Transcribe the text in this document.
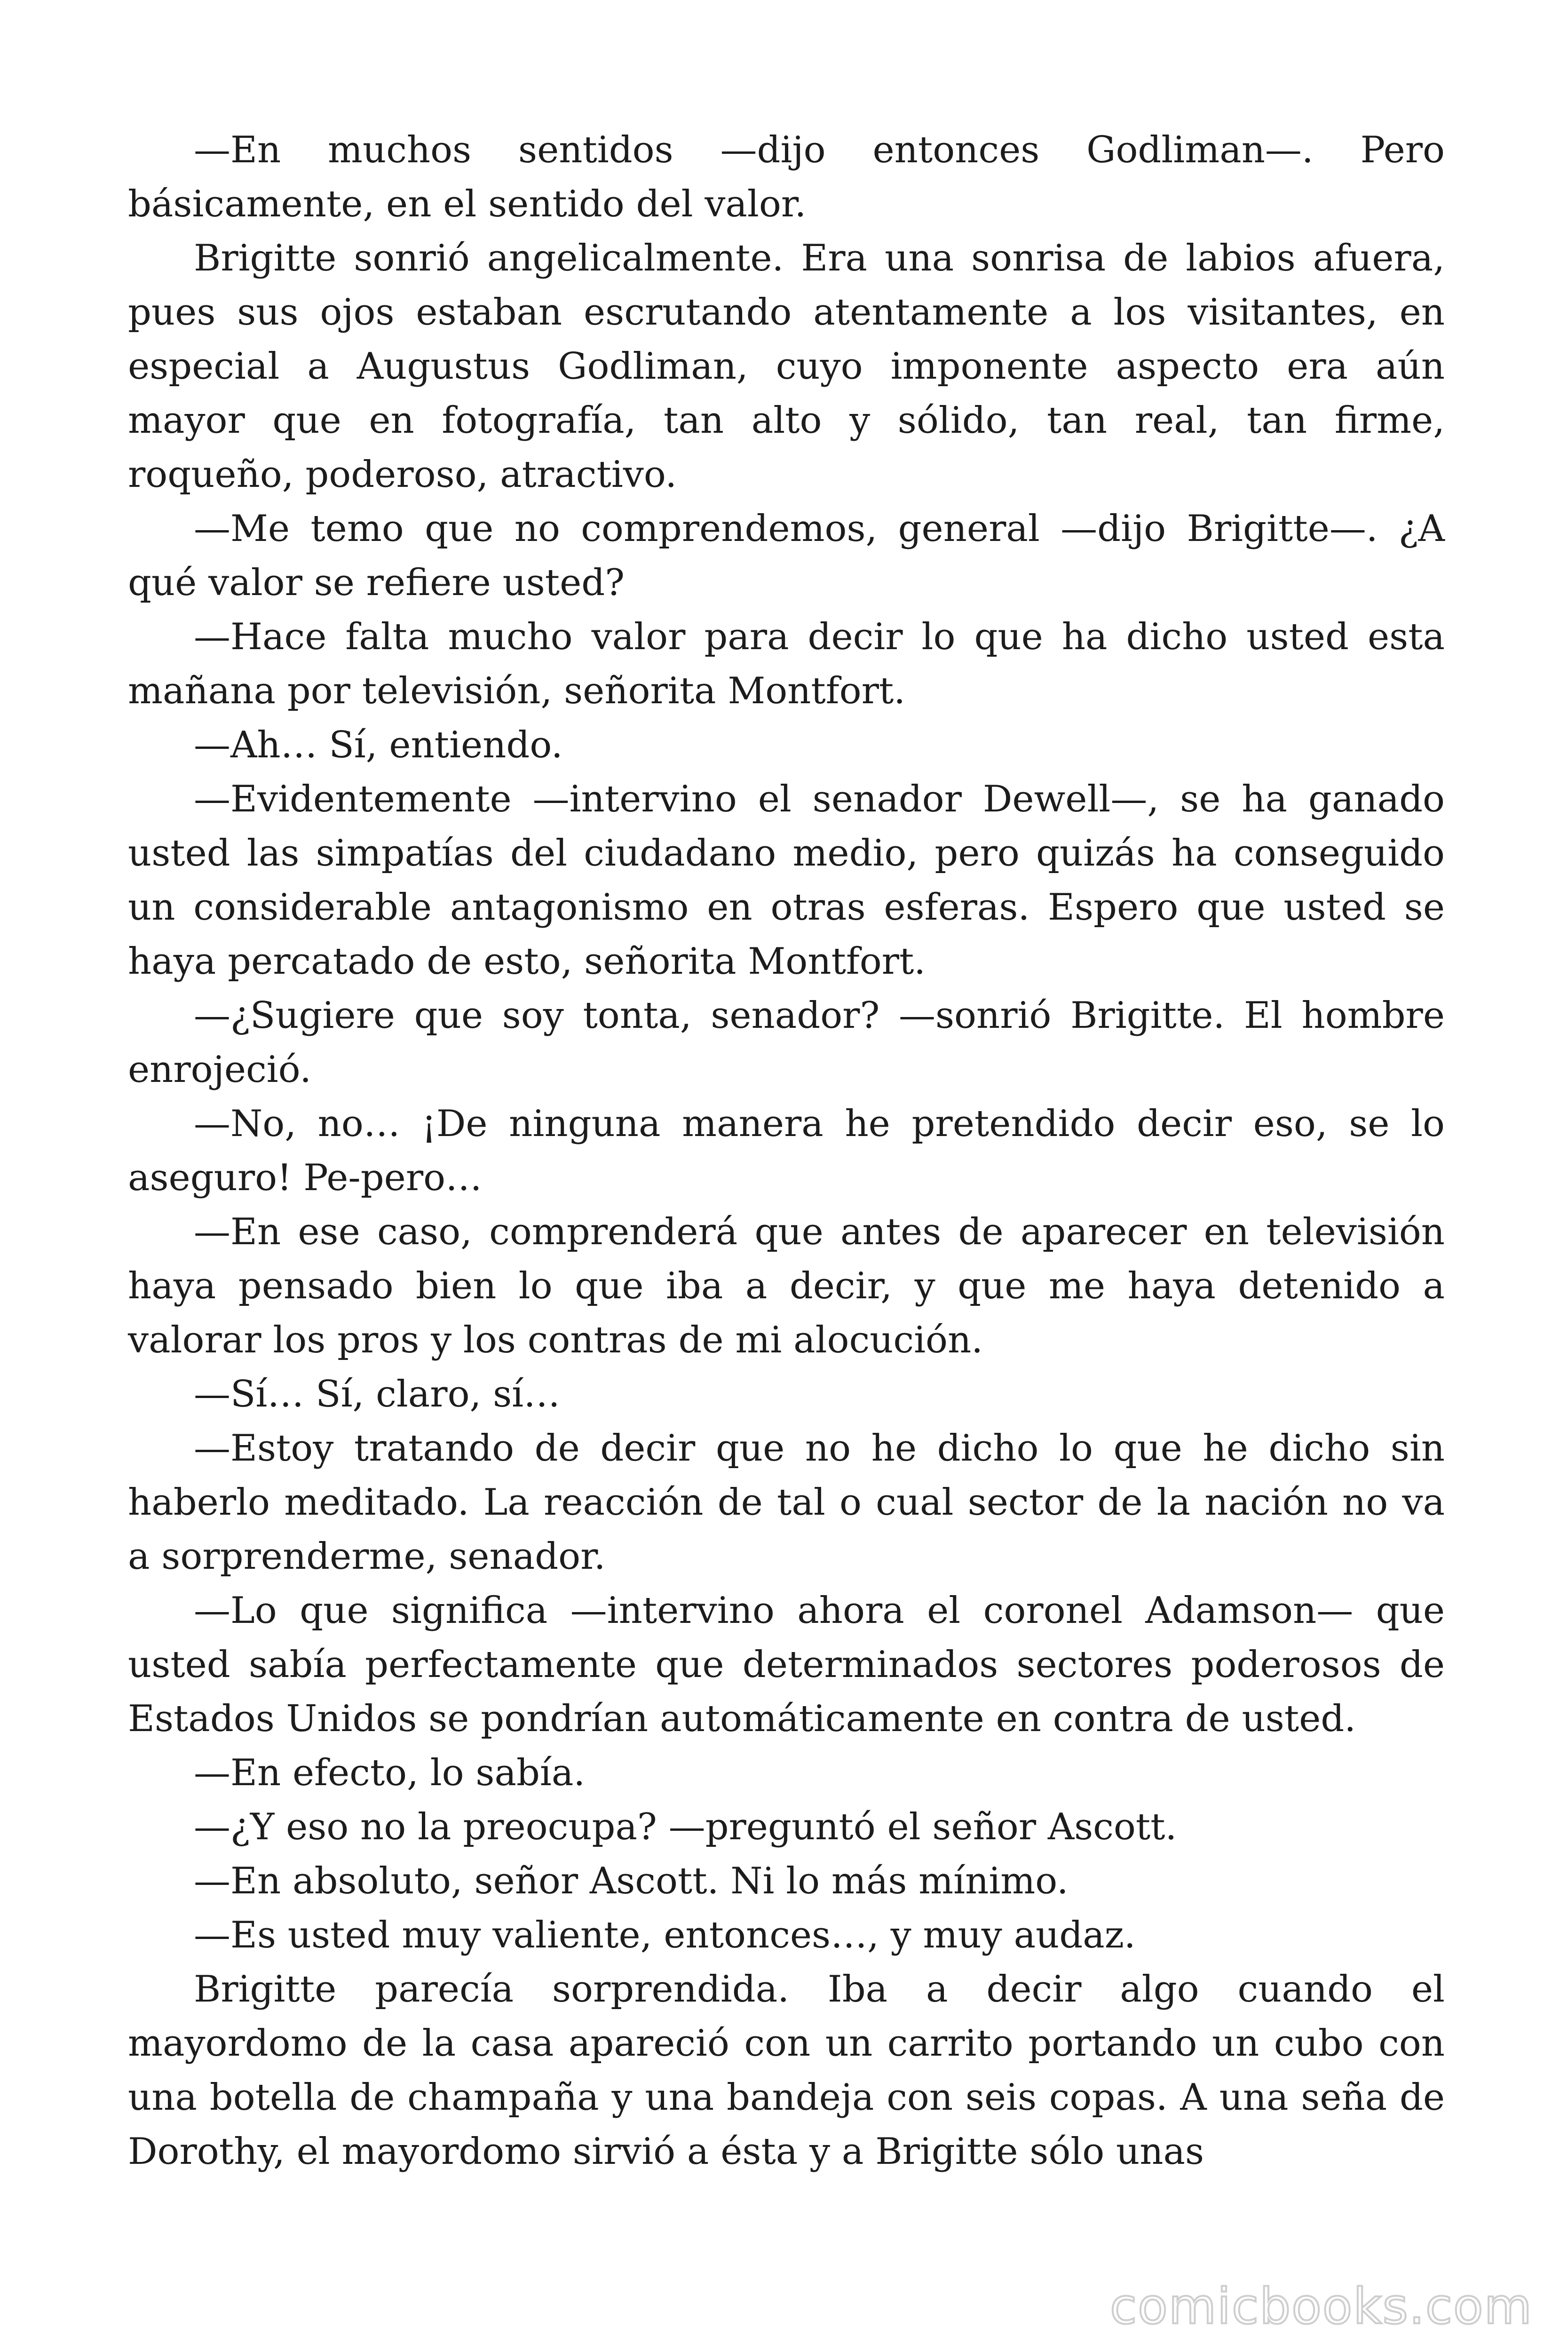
—En muchos sentidos —dijo entonces Godliman—. Pero básicamente, en el sentido del valor.

Brigitte sonrió angelicalmente. Era una sonrisa de labios afuera, pues sus ojos estaban escrutando atentamente a los visitantes, en especial a Augustus Godliman, cuyo imponente aspecto era aún mayor que en fotografía, tan alto y sólido, tan real, tan firme, roqueño, poderoso, atractivo.

—Me temo que no comprendemos, general —dijo Brigitte—. ¿A qué valor se refiere usted?

—Hace falta mucho valor para decir lo que ha dicho usted esta mañana por televisión, señorita Montfort.

—Ah… Sí, entiendo.

—Evidentemente —intervino el senador Dewell—, se ha ganado usted las simpatías del ciudadano medio, pero quizás ha conseguido un considerable antagonismo en otras esferas. Espero que usted se haya percatado de esto, señorita Montfort.

—¿Sugiere que soy tonta, senador? —sonrió Brigitte. El hombre enrojeció.

—No, no… ¡De ninguna manera he pretendido decir eso, se lo aseguro! Pe-pero…

—En ese caso, comprenderá que antes de aparecer en televisión haya pensado bien lo que iba a decir, y que me haya detenido a valorar los pros y los contras de mi alocución.

—Sí… Sí, claro, sí…

—Estoy tratando de decir que no he dicho lo que he dicho sin haberlo meditado. La reacción de tal o cual sector de la nación no va a sorprenderme, senador.

—Lo que significa —intervino ahora el coronel Adamson— que usted sabía perfectamente que determinados sectores poderosos de Estados Unidos se pondrían automáticamente en contra de usted.

—En efecto, lo sabía.

—¿Y eso no la preocupa? —preguntó el señor Ascott.

—En absoluto, señor Ascott. Ni lo más mínimo.

—Es usted muy valiente, entonces…, y muy audaz.

Brigitte parecía sorprendida. Iba a decir algo cuando el mayordomo de la casa apareció con un carrito portando un cubo con una botella de champaña y una bandeja con seis copas. A una seña de Dorothy, el mayordomo sirvió a ésta y a Brigitte sólo unas

comicbooks.com
